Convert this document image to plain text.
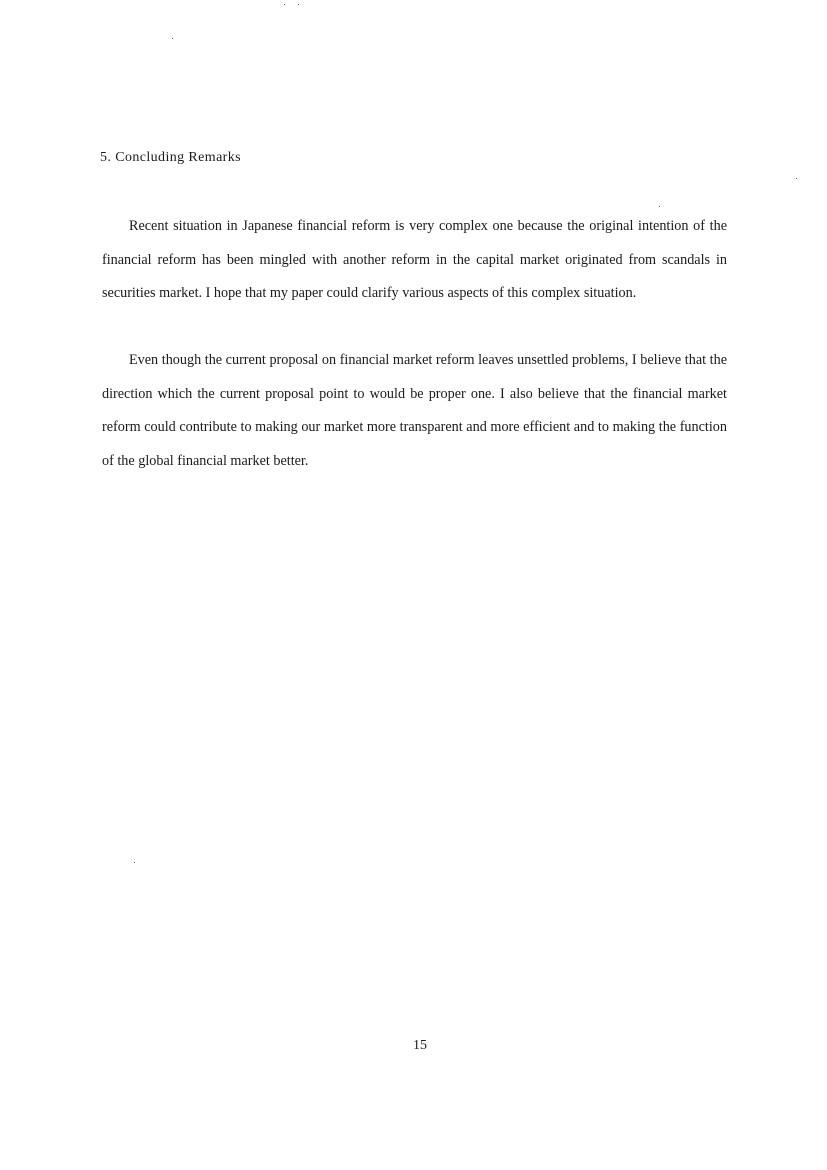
5. Concluding Remarks

Recent situation in Japanese financial reform is very complex one because the original intention of the financial reform has been mingled with another reform in the capital market originated from scandals in securities market. I hope that my paper could clarify various aspects of this complex situation.

Even though the current proposal on financial market reform leaves unsettled problems, I believe that the direction which the current proposal point to would be proper one. I also believe that the financial market reform could contribute to making our market more transparent and more efficient and to making the function of the global financial market better.

15
